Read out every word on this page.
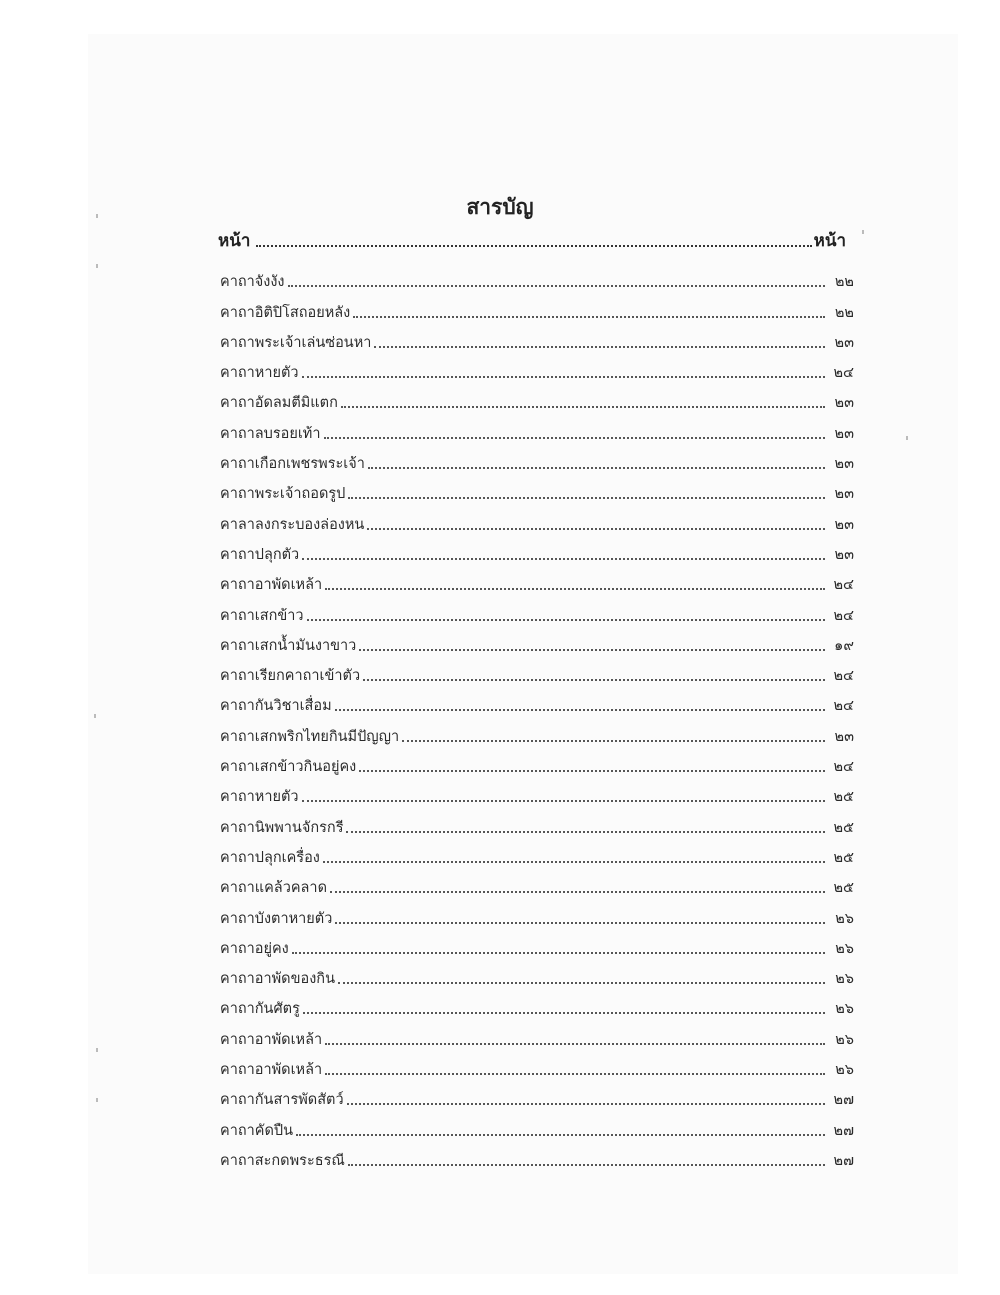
สารบัญ
หน้า	หน้า
คาถาจังงัง	๒๒
คาถาอิติปิโสถอยหลัง	๒๒
คาถาพระเจ้าเล่นซ่อนหา	๒๓
คาถาหายตัว	๒๔
คาถาอัดลมตีมิแตก	๒๓
คาถาลบรอยเท้า	๒๓
คาถาเกือกเพชรพระเจ้า	๒๓
คาถาพระเจ้าถอดรูป	๒๓
คาลาลงกระบองล่องหน	๒๓
คาถาปลุกตัว	๒๓
คาถาอาพัดเหล้า	๒๔
คาถาเสกข้าว	๒๔
คาถาเสกน้ำมันงาขาว	๑๙
คาถาเรียกคาถาเข้าตัว	๒๔
คาถากันวิชาเสื่อม	๒๔
คาถาเสกพริกไทยกินมีปัญญา	๒๓
คาถาเสกข้าวกินอยู่คง	๒๔
คาถาหายตัว	๒๕
คาถานิพพานจักรกรี	๒๕
คาถาปลุกเครื่อง	๒๕
คาถาแคล้วคลาด	๒๕
คาถาบังตาหายตัว	๒๖
คาถาอยู่คง	๒๖
คาถาอาพัดของกิน	๒๖
คาถากันศัตรู	๒๖
คาถาอาพัดเหล้า	๒๖
คาถาอาพัดเหล้า	๒๖
คาถากันสารพัดสัตว์	๒๗
คาถาคัดปืน	๒๗
คาถาสะกดพระธรณี	๒๗
